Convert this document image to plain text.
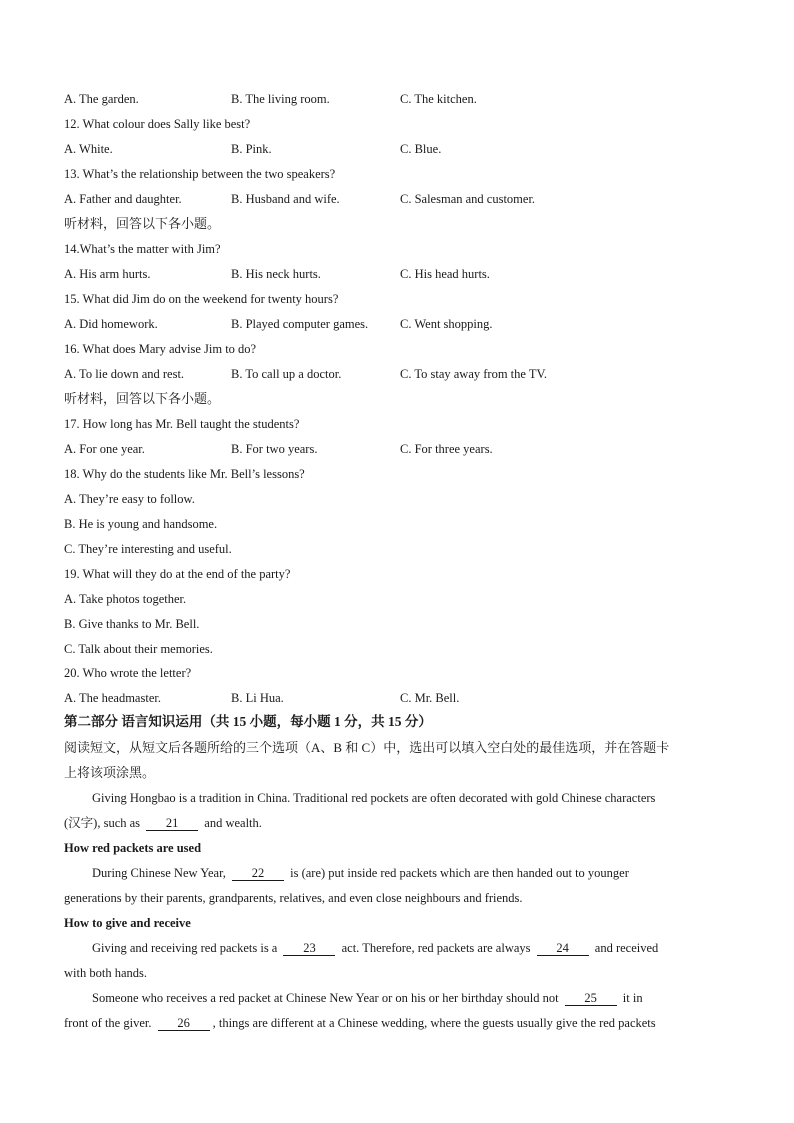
A. The garden.	B. The living room.	C. The kitchen.
12. What colour does Sally like best?
A. White.	B. Pink.	C. Blue.
13. What’s the relationship between the two speakers?
A. Father and daughter.	B. Husband and wife.	C. Salesman and customer.
听材料，回答以下各小题。
14.What’s the matter with Jim?
A. His arm hurts.	B. His neck hurts.	C. His head hurts.
15. What did Jim do on the weekend for twenty hours?
A. Did homework.	B. Played computer games.	C. Went shopping.
16. What does Mary advise Jim to do?
A. To lie down and rest.	B. To call up a doctor.	C. To stay away from the TV.
听材料，回答以下各小题。
17. How long has Mr. Bell taught the students?
A. For one year.	B. For two years.	C. For three years.
18. Why do the students like Mr. Bell’s lessons?
A. They’re easy to follow.
B. He is young and handsome.
C. They’re interesting and useful.
19. What will they do at the end of the party?
A. Take photos together.
B. Give thanks to Mr. Bell.
C. Talk about their memories.
20. Who wrote the letter?
A. The headmaster.	B. Li Hua.	C. Mr. Bell.
第二部分 语言知识运用（共 15 小题，每小题 1 分，共 15 分）
阅读短文，从短文后各题所给的三个选项（A、B 和 C）中，选出可以填入空白处的最佳选项，并在答题卡
上将该项涂黑。
Giving Hongbao is a tradition in China. Traditional red pockets are often decorated with gold Chinese characters
(汉字), such as 21 and wealth.
How red packets are used
During Chinese New Year, 22 is (are) put inside red packets which are then handed out to younger
generations by their parents, grandparents, relatives, and even close neighbours and friends.
How to give and receive
Giving and receiving red packets is a 23 act. Therefore, red packets are always 24 and received
with both hands.
Someone who receives a red packet at Chinese New Year or on his or her birthday should not 25 it in
front of the giver. 26 , things are different at a Chinese wedding, where the guests usually give the red packets
